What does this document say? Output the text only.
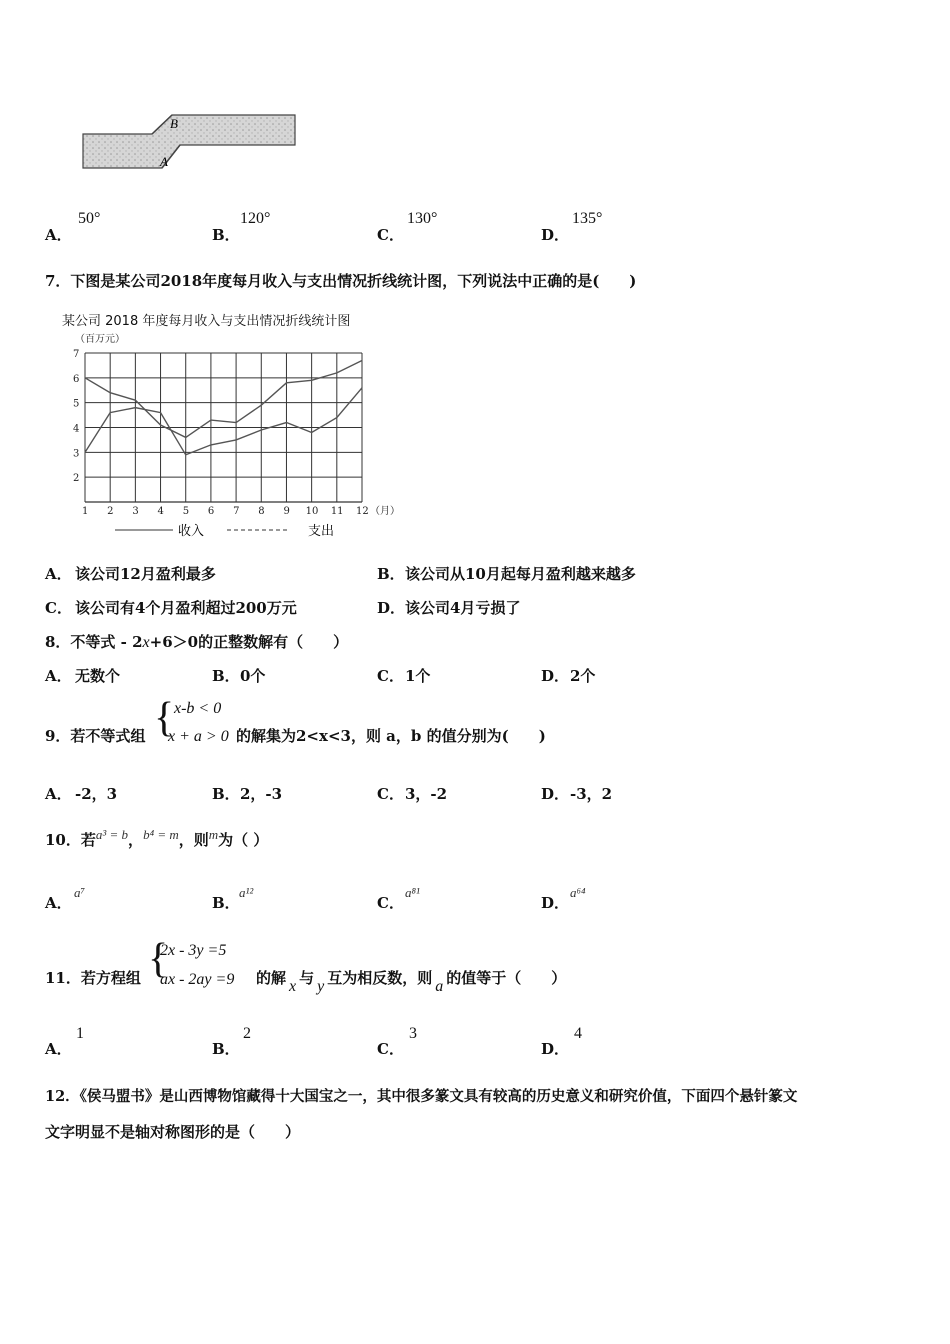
B
A
A．
50°
B．
120°
C．
130°
D．
135°
7．下图是某公司2018年度每月收入与支出情况折线统计图，下列说法中正确的是(　　)
某公司 2018 年度每月收入与支出情况折线统计图
（百万元）
2
3
4
5
6
7
1 2 3 4 5 6 7 8 9 10 11 12 （月）
收入	支出
A． 该公司12月盈利最多	B． 该公司从10月起每月盈利越来越多
C． 该公司有4个月盈利超过200万元	D． 该公司4月亏损了
8．不等式 - 2x+6＞0的正整数解有（　　）
A． 无数个	B． 0个	C． 1个	D． 2个
9．若不等式组 { x-b < 0
x + a > 0 的解集为2<x<3，则 a，b 的值分别为(　　)
A． -2，3	B． 2，-3	C． 3，-2	D． -3，2
10．若a³ = b，b⁴ = m，则m为（ ）
A．
a⁷
B．
a¹²
C．
a⁸¹
D．
a⁶⁴
11．若方程组 {
2x - 3y =5
ax - 2ay =9 的解 x 与 y 互为相反数，则 a 的值等于（　　）
A．
1
B．
2
C．
3
D．
4
12．《侯马盟书》是山西博物馆藏得十大国宝之一，其中很多篆文具有较高的历史意义和研究价值，下面四个悬针篆文
文字明显不是轴对称图形的是（　　）
